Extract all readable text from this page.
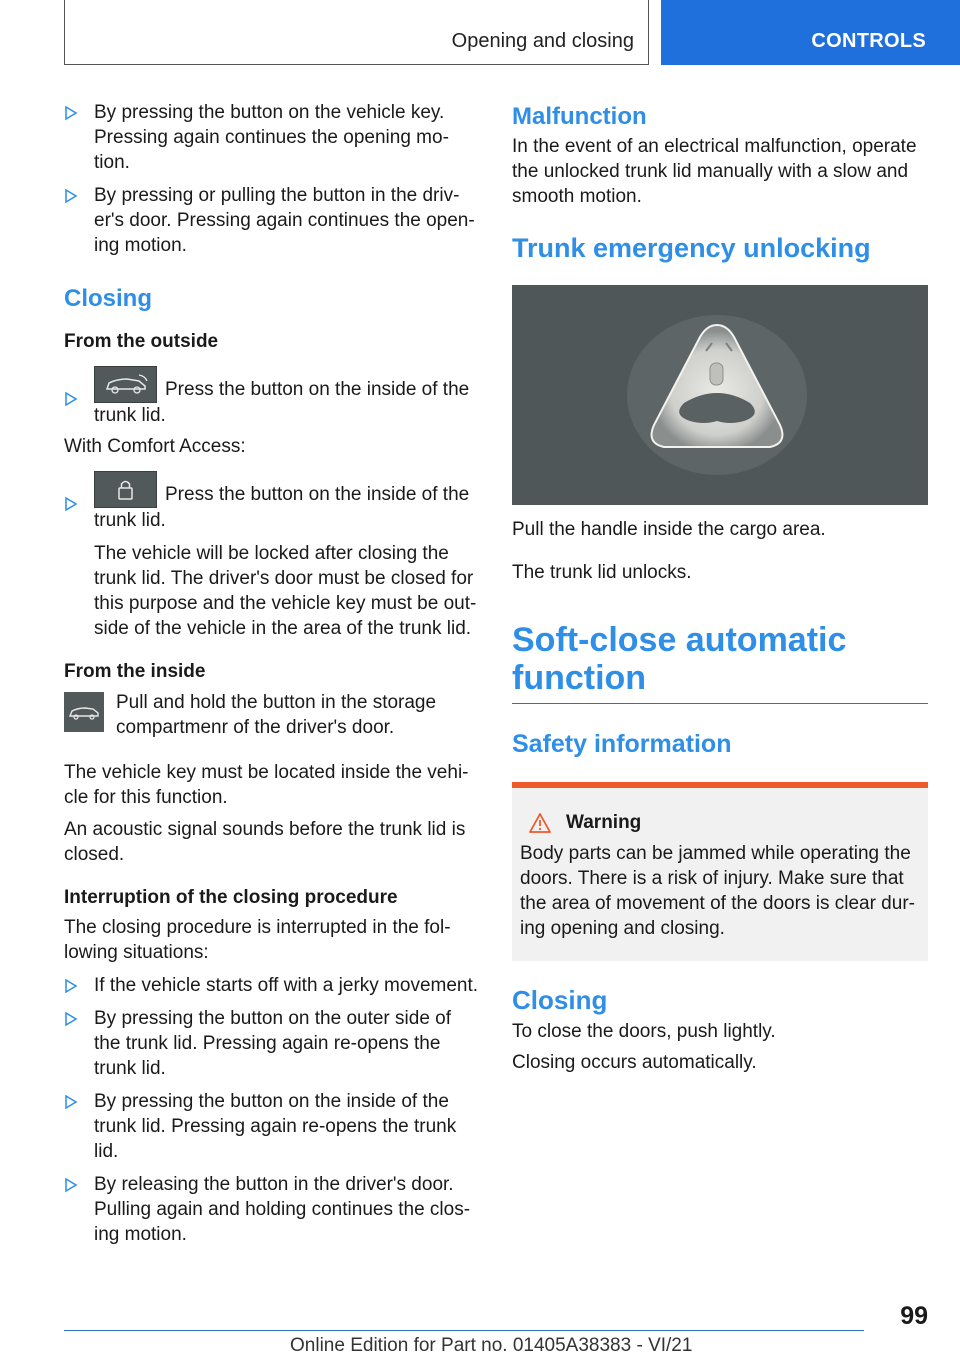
Opening and closing	CONTROLS
By pressing the button on the vehicle key. Pressing again continues the opening mo-tion.
By pressing or pulling the button in the driv-er's door. Pressing again continues the open-ing motion.
Closing
From the outside
Press the button on the inside of the trunk lid.

With Comfort Access:

Press the button on the inside of the trunk lid.

The vehicle will be locked after closing the trunk lid. The driver's door must be closed for this purpose and the vehicle key must be out-side of the vehicle in the area of the trunk lid.

From the inside

Pull and hold the button in the storage compartmenr of the driver's door.

The vehicle key must be located inside the vehi-cle for this function.

An acoustic signal sounds before the trunk lid is closed.

Interruption of the closing procedure

The closing procedure is interrupted in the fol-lowing situations:

If the vehicle starts off with a jerky movement.
By pressing the button on the outer side of the trunk lid. Pressing again re-opens the trunk lid.
By pressing the button on the inside of the trunk lid. Pressing again re-opens the trunk lid.
By releasing the button in the driver's door. Pulling again and holding continues the clos-ing motion.
Malfunction

In the event of an electrical malfunction, operate the unlocked trunk lid manually with a slow and smooth motion.

Trunk emergency unlocking

Pull the handle inside the cargo area.

The trunk lid unlocks.

Soft-close automatic function
Safety information
Warning

Body parts can be jammed while operating the doors. There is a risk of injury. Make sure that the area of movement of the doors is clear dur-ing opening and closing.

Closing

To close the doors, push lightly.

Closing occurs automatically.

99
Online Edition for Part no. 01405A38383 - VI/21
